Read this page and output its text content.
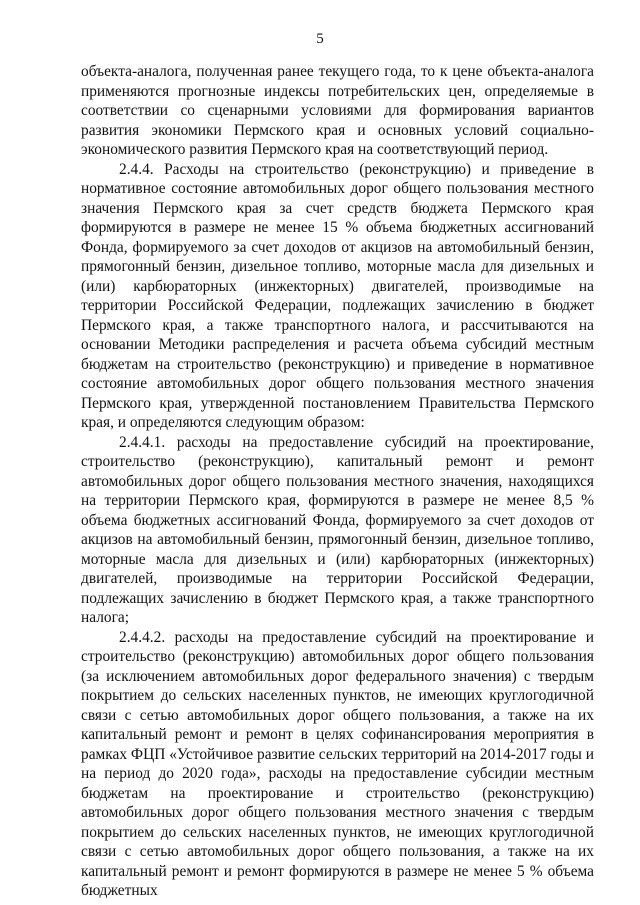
5

объекта-аналога, полученная ранее текущего года, то к цене объекта-аналога применяются прогнозные индексы потребительских цен, определяемые в соответствии со сценарными условиями для формирования вариантов развития экономики Пермского края и основных условий социально-экономического развития Пермского края на соответствующий период.

2.4.4. Расходы на строительство (реконструкцию) и приведение в нормативное состояние автомобильных дорог общего пользования местного значения Пермского края за счет средств бюджета Пермского края формируются в размере не менее 15 % объема бюджетных ассигнований Фонда, формируемого за счет доходов от акцизов на автомобильный бензин, прямогонный бензин, дизельное топливо, моторные масла для дизельных и (или) карбюраторных (инжекторных) двигателей, производимые на территории Российской Федерации, подлежащих зачислению в бюджет Пермского края, а также транспортного налога, и рассчитываются на основании Методики распределения и расчета объема субсидий местным бюджетам на строительство (реконструкцию) и приведение в нормативное состояние автомобильных дорог общего пользования местного значения Пермского края, утвержденной постановлением Правительства Пермского края, и определяются следующим образом:

2.4.4.1. расходы на предоставление субсидий на проектирование, строительство (реконструкцию), капитальный ремонт и ремонт автомобильных дорог общего пользования местного значения, находящихся на территории Пермского края, формируются в размере не менее 8,5 % объема бюджетных ассигнований Фонда, формируемого за счет доходов от акцизов на автомобильный бензин, прямогонный бензин, дизельное топливо, моторные масла для дизельных и (или) карбюраторных (инжекторных) двигателей, производимые на территории Российской Федерации, подлежащих зачислению в бюджет Пермского края, а также транспортного налога;

2.4.4.2. расходы на предоставление субсидий на проектирование и строительство (реконструкцию) автомобильных дорог общего пользования (за исключением автомобильных дорог федерального значения) с твердым покрытием до сельских населенных пунктов, не имеющих круглогодичной связи с сетью автомобильных дорог общего пользования, а также на их капитальный ремонт и ремонт в целях софинансирования мероприятия в рамках ФЦП «Устойчивое развитие сельских территорий на 2014-2017 годы и на период до 2020 года», расходы на предоставление субсидии местным бюджетам на проектирование и строительство (реконструкцию) автомобильных дорог общего пользования местного значения с твердым покрытием до сельских населенных пунктов, не имеющих круглогодичной связи с сетью автомобильных дорог общего пользования, а также на их капитальный ремонт и ремонт формируются в размере не менее 5 % объема бюджетных
